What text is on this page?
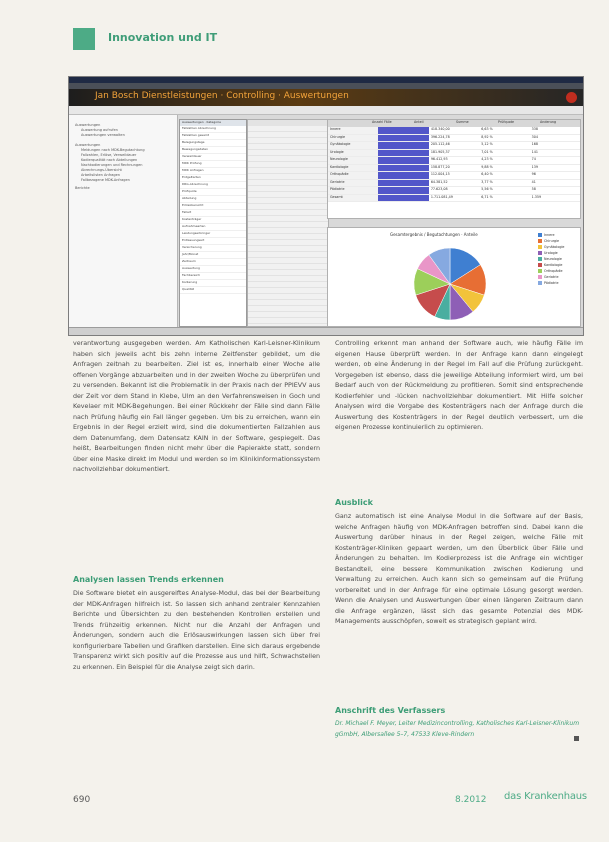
Innovation und IT
Jan Bosch Dienstleistungen · Controlling · Auswertungen
Auswertungen
Auswertung aufrufen
Auswertungen verwalten
Auswertungen
Meldungen nach MDK-Begutachtung
Fallzahlen, Erlöse, Verweildauer
Kodierqualität nach Abteilungen
Nachkodierungen und Rechnungen
Abrechnungs-Übersicht
Arbeitslisten Anfragen
Fallbezogene MDK-Anfragen
Berichte
Auswertungen · Kategorie
Fallzahlen Abrechnung
Fallzahlen gesamt
Belegungstage
Bewegungsdaten
Verweildauer
MDK Prüfung
MDK Anfragen
Entgeltarten
DRG-Abrechnung
Prüfquote
Abteilung
Erlösübersicht
Fallart
Kostenträger
Aufnahmearten
Leistungserbringer
Entlassungsart
Versicherung
Jahr/Monat
Zeitraum
Auswertung
Fachbereich
Kodierung
Qualität
Anzahl Fälle	Anteil	Summe	Prüfquote	Änderung
Innere	418.340,00	6,63 %	338
Chirurgie	396.224,78	8,92 %	304
Gynäkologie	205.112,46	5,12 %	168
Urologie	181.905,37	7,01 %	141
Neurologie	96.412,93	4,23 %	74
Kardiologie	158.877,20	9,88 %	139
Orthopädie	112.004,15	6,40 %	96
Geriatrie	64.381,52	3,77 %	41
Pädiatrie	77.623,08	5,56 %	58
Gesamt	1.711.081,49	6,71 %	1.359
Gesamtergebnis / Begutachtungen · Anteile	Innere
Chirurgie
Gynäkologie
Urologie
Neurologie
Kardiologie
Orthopädie
Geriatrie
Pädiatrie

verantwortung ausgegeben werden. Am Katholischen Karl-Leisner-Klinikum haben sich jeweils acht bis zehn interne Zeitfenster gebildet, um die Anfragen zeitnah zu bearbeiten. Ziel ist es, innerhalb einer Woche alle offenen Vorgänge abzuarbeiten und in der zweiten Woche zu überprüfen und zu versenden. Bekannt ist die Problematik in der Praxis nach der PPIEVV aus der Zeit vor dem Stand in Klebe, Ulm an den Verfahrensweisen in Goch und Kevelaer mit MDK-Begehungen. Bei einer Rückkehr der Fälle sind dann Fälle nach Prüfung häufig ein Fall länger gegeben. Um bis zu erreichen, wann ein Ergebnis in der Regel erzielt wird, sind die dokumentierten Fallzahlen aus dem Datenumfang, dem Datensatz KAIN in der Software, gespiegelt. Das heißt, Bearbeitungen finden nicht mehr über die Papierakte statt, sondern über eine Maske direkt im Modul und werden so im Klinikinformationssystem nachvollziehbar dokumentiert.

Analysen lassen Trends erkennen

Die Software bietet ein ausgereiftes Analyse-Modul, das bei der Bearbeitung der MDK-Anfragen hilfreich ist. So lassen sich anhand zentraler Kennzahlen Berichte und Übersichten zu den bestehenden Kontrollen erstellen und Trends frühzeitig erkennen. Nicht nur die Anzahl der Anfragen und Änderungen, sondern auch die Erlösauswirkungen lassen sich über frei konfigurierbare Tabellen und Grafiken darstellen. Eine sich daraus ergebende Transparenz wirkt sich positiv auf die Prozesse aus und hilft, Schwachstellen zu erkennen. Ein Beispiel für die Analyse zeigt sich darin.

Controlling erkennt man anhand der Software auch, wie häufig Fälle im eigenen Hause überprüft werden. In der Anfrage kann dann eingelegt werden, ob eine Änderung in der Regel im Fall auf die Prüfung zurückgeht. Vorgegeben ist ebenso, dass die jeweilige Abteilung informiert wird, um bei Bedarf auch von der Rückmeldung zu profitieren. Somit sind entsprechende Kodierfehler und -lücken nachvollziehbar dokumentiert. Mit Hilfe solcher Analysen wird die Vorgabe des Kostenträgers nach der Anfrage durch die Auswertung des Kostenträgers in der Regel deutlich verbessert, um die eigenen Prozesse kontinuierlich zu optimieren.

Ausblick

Ganz automatisch ist eine Analyse Modul in die Software auf der Basis, welche Anfragen häufig von MDK-Anfragen betroffen sind. Dabei kann die Auswertung darüber hinaus in der Regel zeigen, welche Fälle mit Kostenträger-Kliniken gepaart werden, um den Überblick über Fälle und Änderungen zu behalten. Im Kodierprozess ist die Anfrage ein wichtiger Bestandteil, eine bessere Kommunikation zwischen Kodierung und Verwaltung zu erreichen. Auch kann sich so gemeinsam auf die Prüfung vorbereitet und in der Anfrage für eine optimale Lösung gesorgt werden. Wenn die Analysen und Auswertungen über einen längeren Zeitraum dann die Anfrage ergänzen, lässt sich das gesamte Potenzial des MDK-Managements ausschöpfen, soweit es strategisch geplant wird.

Anschrift des Verfassers
Dr. Michael F. Meyer, Leiter Medizincontrolling, Katholisches Karl-Leisner-Klinikum gGmbH, Albersallee 5–7, 47533 Kleve-Rindern
690	8.2012 das Krankenhaus
